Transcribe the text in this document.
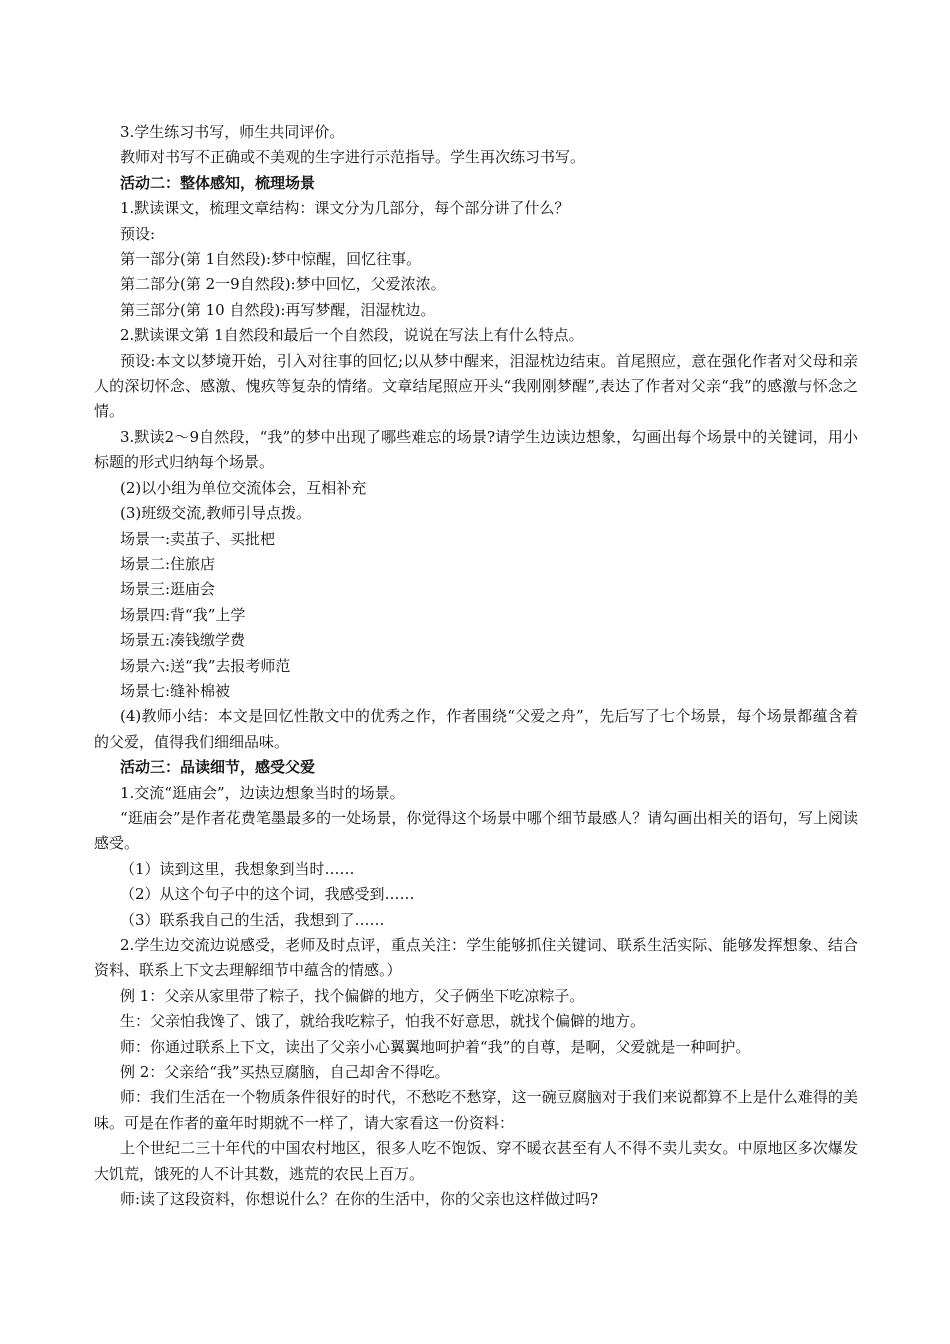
3.学生练习书写，师生共同评价。

教师对书写不正确或不美观的生字进行示范指导。学生再次练习书写。

活动二：整体感知，梳理场景

1.默读课文，梳理文章结构：课文分为几部分，每个部分讲了什么？

预设:

第一部分(第 1自然段):梦中惊醒，回忆往事。

第二部分(第 2一9自然段):梦中回忆，父爱浓浓。

第三部分(第 10 自然段):再写梦醒，泪湿枕边。

2.默读课文第 1自然段和最后一个自然段，说说在写法上有什么特点。

预设:本文以梦境开始，引入对往事的回忆;以从梦中醒来，泪湿枕边结束。首尾照应，意在强化作者对父母和亲人的深切怀念、感激、愧疚等复杂的情绪。文章结尾照应开头“我刚刚梦醒”,表达了作者对父亲“我”的感激与怀念之情。

3.默读2～9自然段，“我”的梦中出现了哪些难忘的场景?请学生边读边想象，勾画出每个场景中的关键词，用小标题的形式归纳每个场景。

(2)以小组为单位交流体会，互相补充

(3)班级交流,教师引导点拨。

场景一:卖茧子、买批杷

场景二:住旅店

场景三:逛庙会

场景四:背“我”上学

场景五:凑钱缴学费

场景六:送“我”去报考师范

场景七:缝补棉被

(4)教师小结：本文是回忆性散文中的优秀之作，作者围绕“父爱之舟”，先后写了七个场景，每个场景都蕴含着的父爱，值得我们细细品味。

活动三：品读细节，感受父爱

1.交流“逛庙会”，边读边想象当时的场景。

“逛庙会”是作者花费笔墨最多的一处场景，你觉得这个场景中哪个细节最感人？请勾画出相关的语句，写上阅读感受。

（1）读到这里，我想象到当时……

（2）从这个句子中的这个词，我感受到……

（3）联系我自己的生活，我想到了……

2.学生边交流边说感受，老师及时点评，重点关注：学生能够抓住关键词、联系生活实际、能够发挥想象、结合资料、联系上下文去理解细节中蕴含的情感。）

例 1：父亲从家里带了粽子，找个偏僻的地方，父子俩坐下吃凉粽子。

生：父亲怕我馋了、饿了，就给我吃粽子，怕我不好意思，就找个偏僻的地方。

师：你通过联系上下文，读出了父亲小心翼翼地呵护着“我”的自尊，是啊，父爱就是一种呵护。

例 2：父亲给“我”买热豆腐脑，自己却舍不得吃。

师：我们生活在一个物质条件很好的时代，不愁吃不愁穿，这一碗豆腐脑对于我们来说都算不上是什么难得的美味。可是在作者的童年时期就不一样了，请大家看这一份资料：

上个世纪二三十年代的中国农村地区，很多人吃不饱饭、穿不暖衣甚至有人不得不卖儿卖女。中原地区多次爆发大饥荒，饿死的人不计其数，逃荒的农民上百万。

师:读了这段资料，你想说什么？在你的生活中，你的父亲也这样做过吗?
